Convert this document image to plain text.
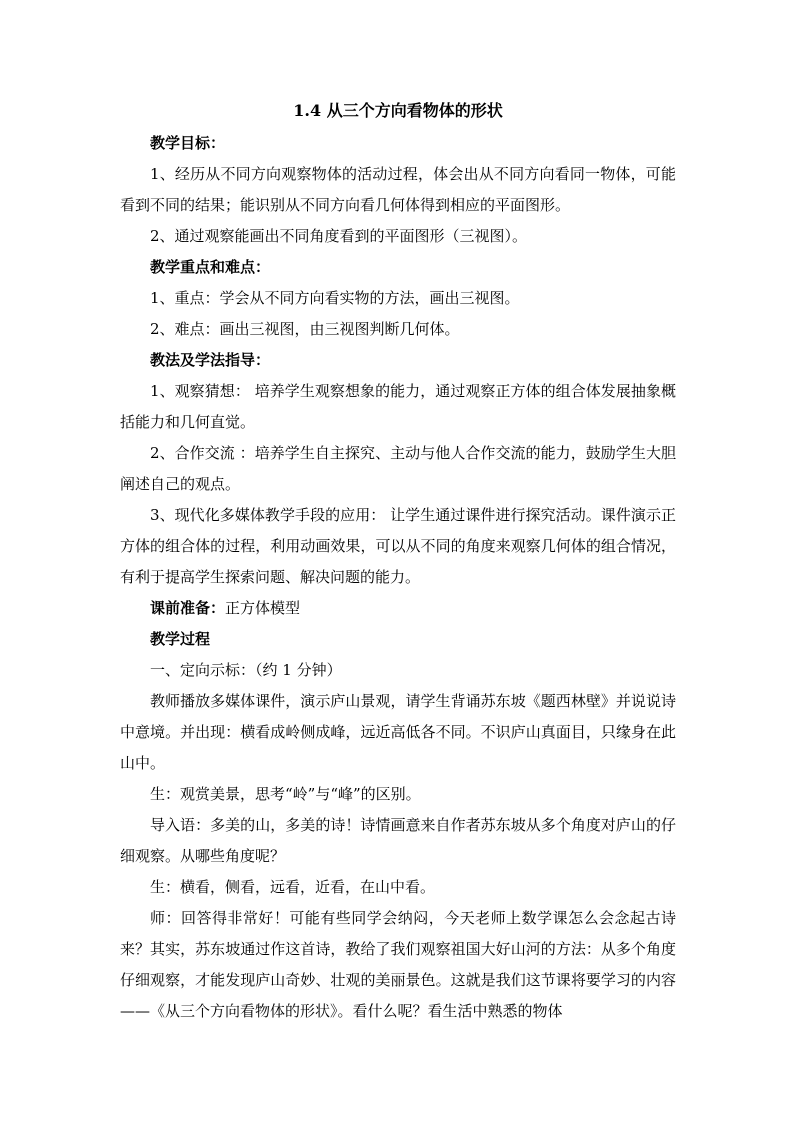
1.4 从三个方向看物体的形状

教学目标：

1、经历从不同方向观察物体的活动过程，体会出从不同方向看同一物体，可能看到不同的结果；能识别从不同方向看几何体得到相应的平面图形。

2、通过观察能画出不同角度看到的平面图形（三视图）。

教学重点和难点：

1、重点：学会从不同方向看实物的方法，画出三视图。

2、难点：画出三视图，由三视图判断几何体。

教法及学法指导：

1、观察猜想： 培养学生观察想象的能力，通过观察正方体的组合体发展抽象概括能力和几何直觉。

2、合作交流 ：培养学生自主探究、主动与他人合作交流的能力，鼓励学生大胆阐述自己的观点。

3、现代化多媒体教学手段的应用： 让学生通过课件进行探究活动。课件演示正方体的组合体的过程，利用动画效果，可以从不同的角度来观察几何体的组合情况，有利于提高学生探索问题、解决问题的能力。

课前准备：正方体模型

教学过程

一、定向示标：（约 1 分钟）

教师播放多媒体课件，演示庐山景观，请学生背诵苏东坡《题西林壁》并说说诗中意境。并出现：横看成岭侧成峰，远近高低各不同。不识庐山真面目，只缘身在此山中。

生：观赏美景，思考“岭”与“峰”的区别。

导入语：多美的山，多美的诗！诗情画意来自作者苏东坡从多个角度对庐山的仔细观察。从哪些角度呢？

生：横看，侧看，远看，近看，在山中看。

师：回答得非常好！可能有些同学会纳闷，今天老师上数学课怎么会念起古诗来？其实，苏东坡通过作这首诗，教给了我们观察祖国大好山河的方法：从多个角度仔细观察，才能发现庐山奇妙、壮观的美丽景色。这就是我们这节课将要学习的内容——《从三个方向看物体的形状》。看什么呢？看生活中熟悉的物体
